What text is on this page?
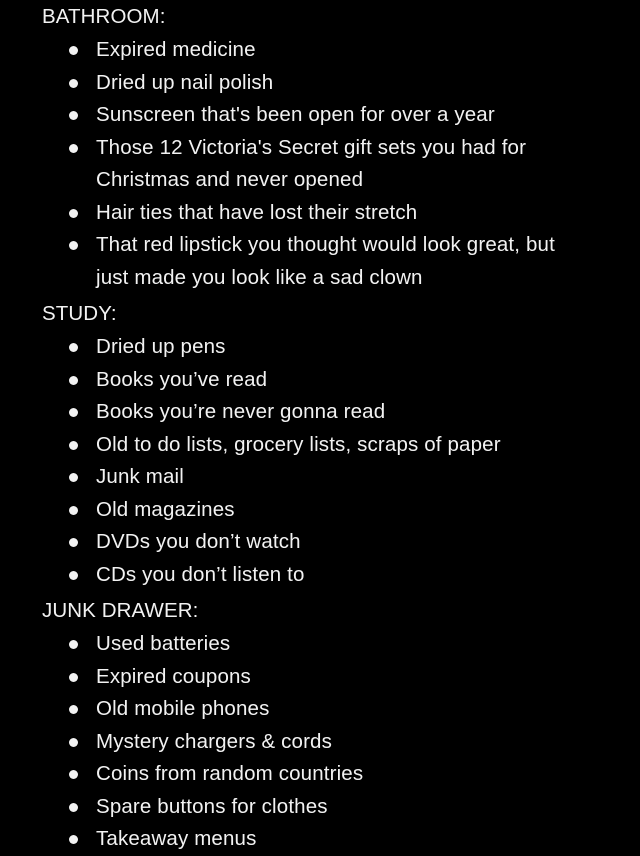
BATHROOM:
Expired medicine
Dried up nail polish
Sunscreen that's been open for over a year
Those 12 Victoria's Secret gift sets you had for Christmas and never opened
Hair ties that have lost their stretch
That red lipstick you thought would look great, but just made you look like a sad clown
STUDY:
Dried up pens
Books you’ve read
Books you’re never gonna read
Old to do lists, grocery lists, scraps of paper
Junk mail
Old magazines
DVDs you don’t watch
CDs you don’t listen to
JUNK DRAWER:
Used batteries
Expired coupons
Old mobile phones
Mystery chargers & cords
Coins from random countries
Spare buttons for clothes
Takeaway menus
